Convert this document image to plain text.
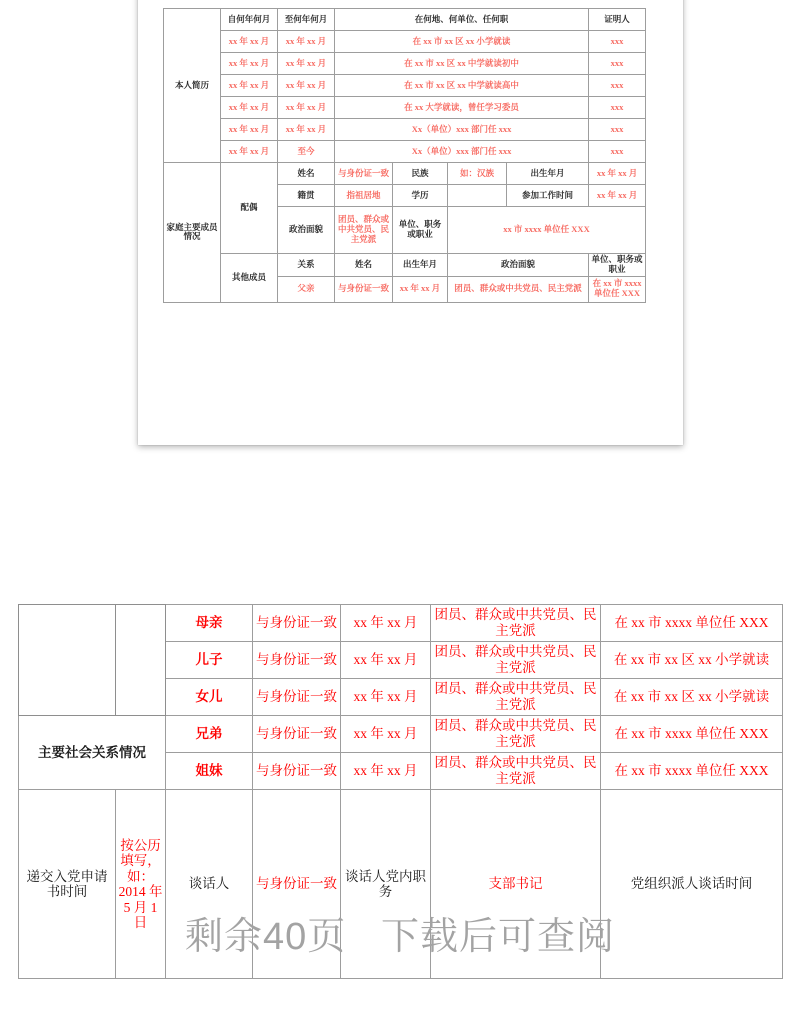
本人简历	自何年何月	至何年何月	在何地、何单位、任何职				证明人
	xx 年 xx 月	xx 年 xx 月	在 xx 市 xx 区 xx 小学就读				xxx
	xx 年 xx 月	xx 年 xx 月	在 xx 市 xx 区 xx 中学就读初中				xxx
	xx 年 xx 月	xx 年 xx 月	在 xx 市 xx 区 xx 中学就读高中				xxx
	xx 年 xx 月	xx 年 xx 月	在 xx 大学就读，曾任学习委员				xxx
	xx 年 xx 月	xx 年 xx 月	Xx（单位）xxx 部门任 xxx				xxx
	xx 年 xx 月	至今	Xx（单位）xxx 部门任 xxx				xxx
家庭主要成员情况	配偶	姓名	与身份证一致	民族	如：汉族	出生年月	xx 年 xx 月
		籍贯	指祖居地	学历		参加工作时间	xx 年 xx 月
		政治面貌	团员、群众或中共党员、民主党派	单位、职务或职业	xx 市 xxxx 单位任 XXX		
	其他成员	关系	姓名	出生年月	政治面貌		单位、职务或职业
		父亲	与身份证一致	xx 年 xx 月	团员、群众或中共党员、民主党派		在 xx 市 xxxx 单位任 XXX
		母亲	与身份证一致	xx 年 xx 月	团员、群众或中共党员、民主党派	在 xx 市 xxxx 单位任 XXX	
		儿子	与身份证一致	xx 年 xx 月	团员、群众或中共党员、民主党派	在 xx 市 xx 区 xx 小学就读	
		女儿	与身份证一致	xx 年 xx 月	团员、群众或中共党员、民主党派	在 xx 市 xx 区 xx 小学就读	
主要社会关系情况		兄弟	与身份证一致	xx 年 xx 月	团员、群众或中共党员、民主党派	在 xx 市 xxxx 单位任 XXX	
		姐妹	与身份证一致	xx 年 xx 月	团员、群众或中共党员、民主党派	在 xx 市 xxxx 单位任 XXX	
递交入党申请书时间	按公历填写，如：2014 年 5 月 1 日	谈话人	与身份证一致	谈话人党内职务	支部书记	党组织派人谈话时间	
剩余40页   下载后可查阅
